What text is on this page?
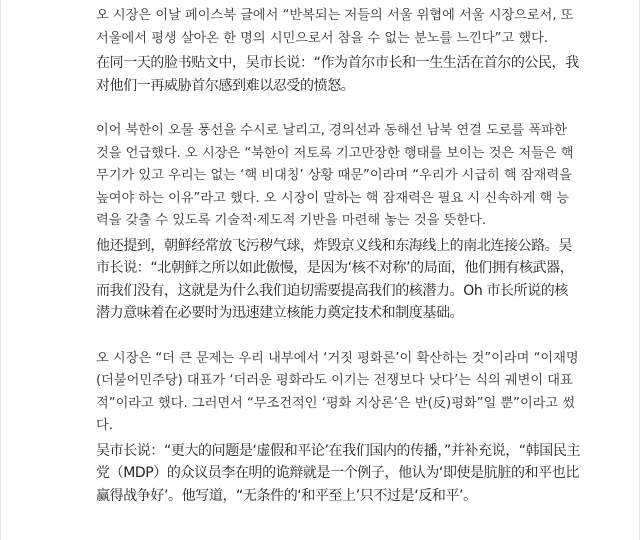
오 시장은 이날 페이스북 글에서 “반복되는 저들의 서울 위협에 서울 시장으로서, 또 서울에서 평생 살아온 한 명의 시민으로서 참을 수 없는 분노를 느낀다”고 했다.

在同一天的脸书贴文中，吴市长说：“作为首尔市长和一生生活在首尔的公民，我对他们一再威胁首尔感到难以忍受的愤怒。

이어 북한이 오물 풍선을 수시로 날리고, 경의선과 동해선 남북 연결 도로를 폭파한 것을 언급했다. 오 시장은 “북한이 저토록 기고만장한 행태를 보이는 것은 저들은 핵무기가 있고 우리는 없는 ‘핵 비대칭’ 상황 때문”이라며 “우리가 시급히 핵 잠재력을 높여야 하는 이유”라고 했다. 오 시장이 말하는 핵 잠재력은 필요 시 신속하게 핵 능력을 갖출 수 있도록 기술적·제도적 기반을 마련해 놓는 것을 뜻한다.

他还提到，朝鲜经常放飞污秽气球，炸毁京义线和东海线上的南北连接公路。吴市长说：“北朝鲜之所以如此傲慢，是因为‘核不对称’的局面，他们拥有核武器，而我们没有，这就是为什么我们迫切需要提高我们的核潜力。Oh 市长所说的核潜力意味着在必要时为迅速建立核能力奠定技术和制度基础。

오 시장은 “더 큰 문제는 우리 내부에서 ‘거짓 평화론’이 확산하는 것”이라며 “이재명 (더불어민주당) 대표가 ‘더러운 평화라도 이기는 전쟁보다 낫다’는 식의 궤변이 대표적”이라고 했다. 그러면서 “무조건적인 ‘평화 지상론’은 반(反)평화”일 뿐”이라고 썼다.

吴市长说：“更大的问题是‘虚假和平论’在我们国内的传播，”并补充说，“韩国民主党（MDP）的众议员李在明的诡辩就是一个例子，他认为‘即使是肮脏的和平也比赢得战争好’。他写道，“无条件的‘和平至上’只不过是‘反和平’。
